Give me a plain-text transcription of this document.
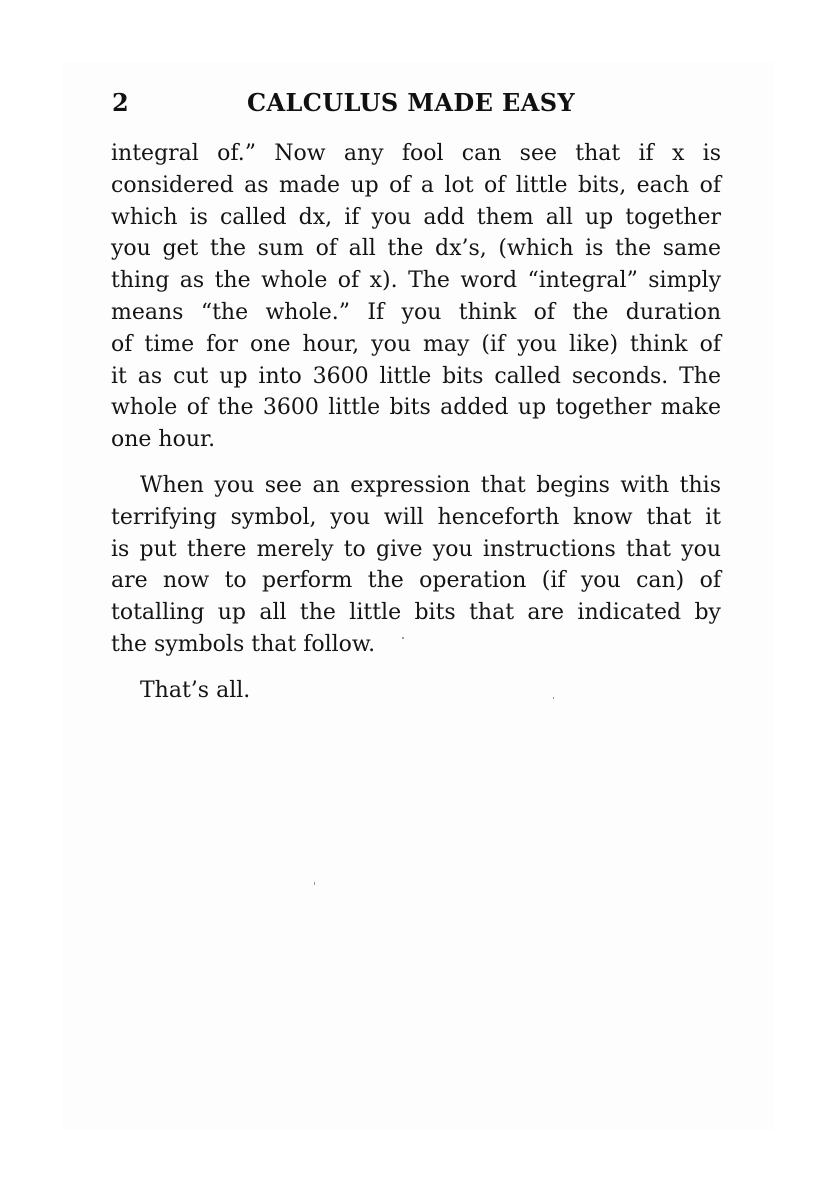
2	CALCULUS MADE EASY
integral of.” Now any fool can see that if x is
considered as made up of a lot of little bits, each of
which is called dx, if you add them all up together
you get the sum of all the dx’s, (which is the same
thing as the whole of x). The word “integral” simply
means “the whole.” If you think of the duration
of time for one hour, you may (if you like) think of
it as cut up into 3600 little bits called seconds. The
whole of the 3600 little bits added up together make
one hour.
When you see an expression that begins with this
terrifying symbol, you will henceforth know that it
is put there merely to give you instructions that you
are now to perform the operation (if you can) of
totalling up all the little bits that are indicated by
the symbols that follow.
That’s all.
